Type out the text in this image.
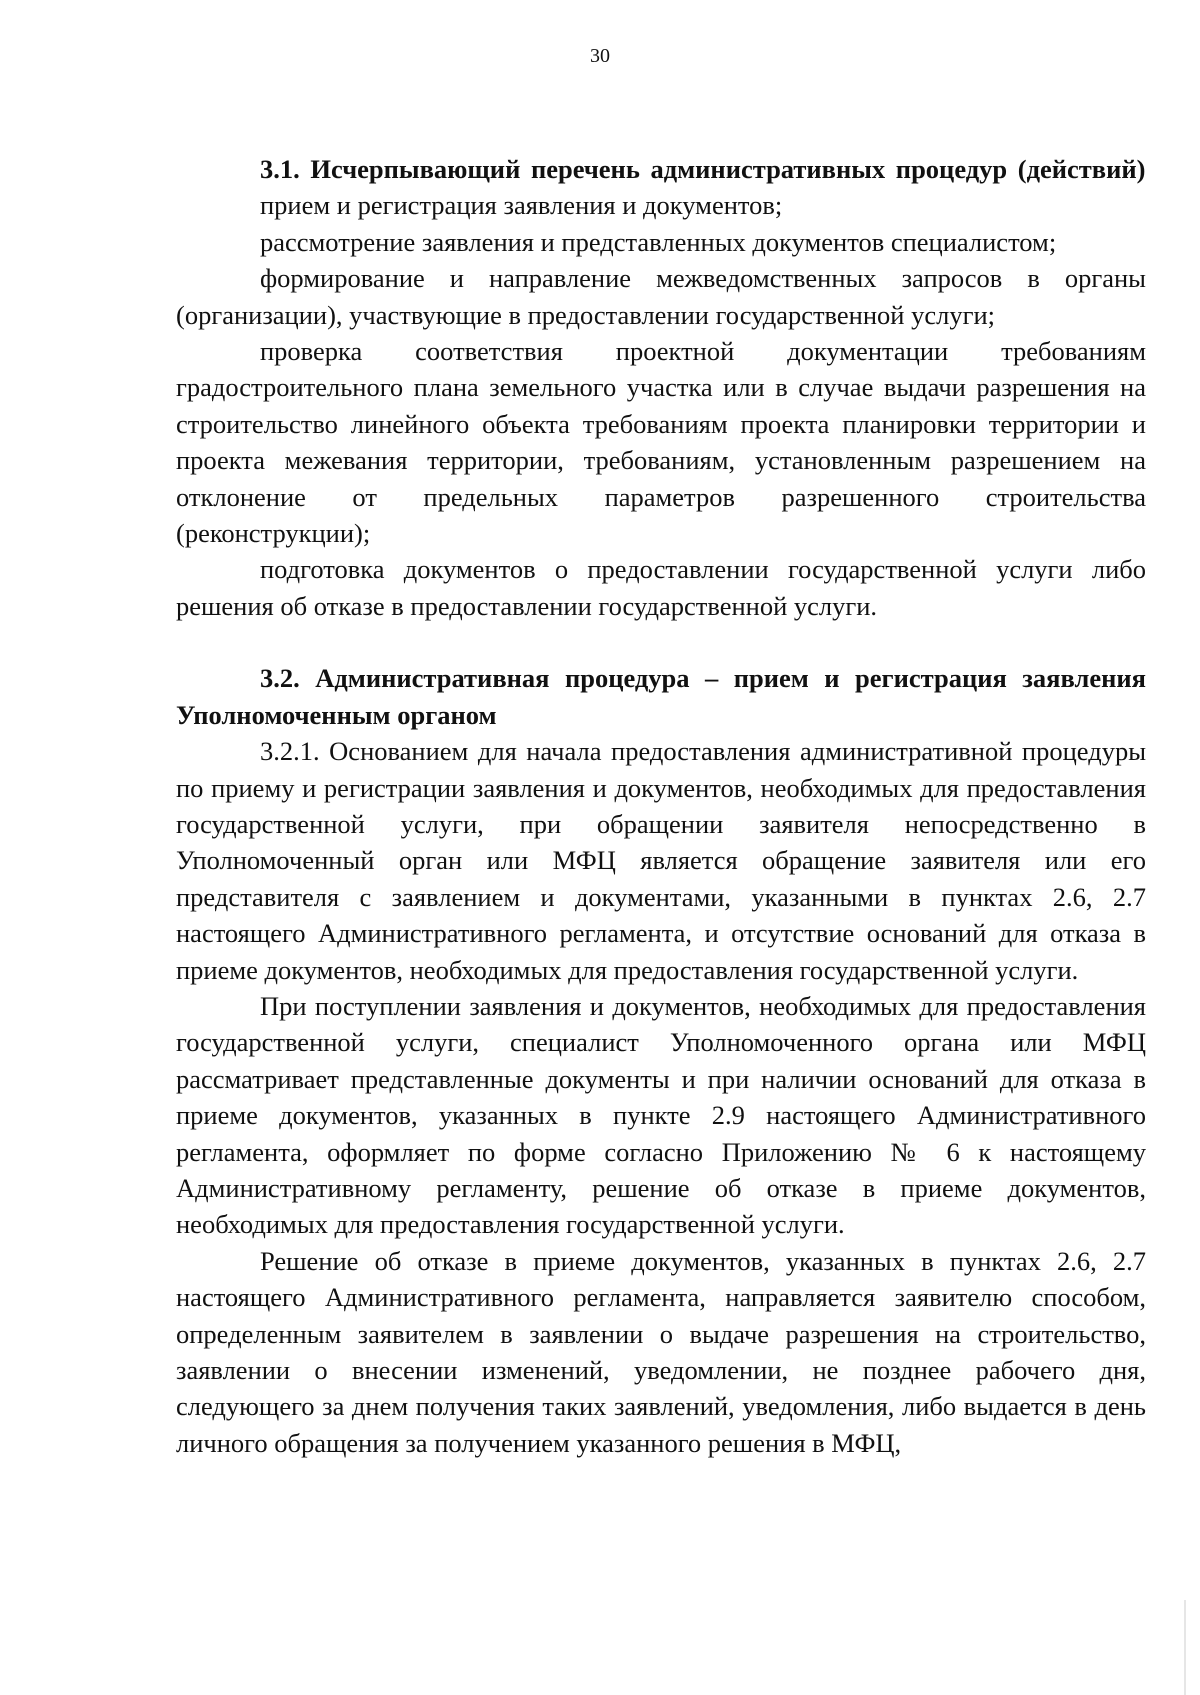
30

3.1. Исчерпывающий перечень административных процедур (действий)

прием и регистрация заявления и документов;

рассмотрение заявления и представленных документов специалистом;

формирование и направление межведомственных запросов в органы (организации), участвующие в предоставлении государственной услуги;

проверка соответствия проектной документации требованиям градостроительного плана земельного участка или в случае выдачи разрешения на строительство линейного объекта требованиям проекта планировки территории и проекта межевания территории, требованиям, установленным разрешением на отклонение от предельных параметров разрешенного строительства (реконструкции);

подготовка документов о предоставлении государственной услуги либо решения об отказе в предоставлении государственной услуги.

3.2. Административная процедура – прием и регистрация заявления Уполномоченным органом

3.2.1. Основанием для начала предоставления административной процедуры по приему и регистрации заявления и документов, необходимых для предоставления государственной услуги, при обращении заявителя непосредственно в Уполномоченный орган или МФЦ является обращение заявителя или его представителя с заявлением и документами, указанными в пунктах 2.6, 2.7 настоящего Административного регламента, и отсутствие оснований для отказа в приеме документов, необходимых для предоставления государственной услуги.

При поступлении заявления и документов, необходимых для предоставления государственной услуги, специалист Уполномоченного органа или МФЦ рассматривает представленные документы и при наличии оснований для отказа в приеме документов, указанных в пункте 2.9 настоящего Административного регламента, оформляет по форме согласно Приложению № 6 к настоящему Административному регламенту, решение об отказе в приеме документов, необходимых для предоставления государственной услуги.

Решение об отказе в приеме документов, указанных в пунктах 2.6, 2.7 настоящего Административного регламента, направляется заявителю способом, определенным заявителем в заявлении о выдаче разрешения на строительство, заявлении о внесении изменений, уведомлении, не позднее рабочего дня, следующего за днем получения таких заявлений, уведомления, либо выдается в день личного обращения за получением указанного решения в МФЦ,
